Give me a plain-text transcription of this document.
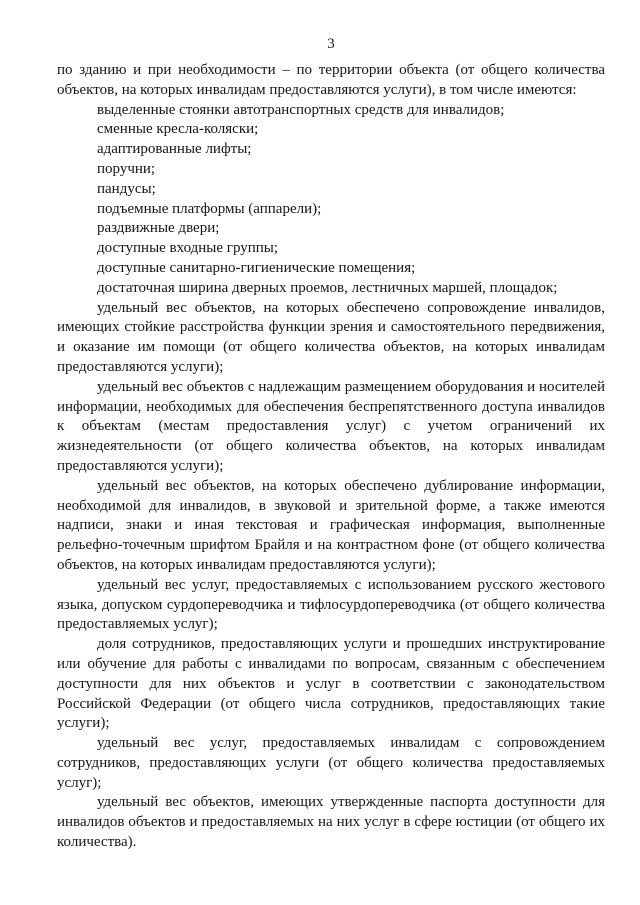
3

по зданию и при необходимости – по территории объекта (от общего количества объектов, на которых инвалидам предоставляются услуги), в том числе имеются:

выделенные стоянки автотранспортных средств для инвалидов;

сменные кресла-коляски;

адаптированные лифты;

поручни;

пандусы;

подъемные платформы (аппарели);

раздвижные двери;

доступные входные группы;

доступные санитарно-гигиенические помещения;

достаточная ширина дверных проемов, лестничных маршей, площадок;

удельный вес объектов, на которых обеспечено сопровождение инвалидов, имеющих стойкие расстройства функции зрения и самостоятельного передвижения, и оказание им помощи (от общего количества объектов, на которых инвалидам предоставляются услуги);

удельный вес объектов с надлежащим размещением оборудования и носителей информации, необходимых для обеспечения беспрепятственного доступа инвалидов к объектам (местам предоставления услуг) с учетом ограничений их жизнедеятельности (от общего количества объектов, на которых инвалидам предоставляются услуги);

удельный вес объектов, на которых обеспечено дублирование информации, необходимой для инвалидов, в звуковой и зрительной форме, а также имеются надписи, знаки и иная текстовая и графическая информация, выполненные рельефно-точечным шрифтом Брайля и на контрастном фоне (от общего количества объектов, на которых инвалидам предоставляются услуги);

удельный вес услуг, предоставляемых с использованием русского жестового языка, допуском сурдопереводчика и тифлосурдопереводчика (от общего количества предоставляемых услуг);

доля сотрудников, предоставляющих услуги и прошедших инструктирование или обучение для работы с инвалидами по вопросам, связанным с обеспечением доступности для них объектов и услуг в соответствии с законодательством Российской Федерации (от общего числа сотрудников, предоставляющих такие услуги);

удельный вес услуг, предоставляемых инвалидам с сопровождением сотрудников, предоставляющих услуги (от общего количества предоставляемых услуг);

удельный вес объектов, имеющих утвержденные паспорта доступности для инвалидов объектов и предоставляемых на них услуг в сфере юстиции (от общего их количества).
